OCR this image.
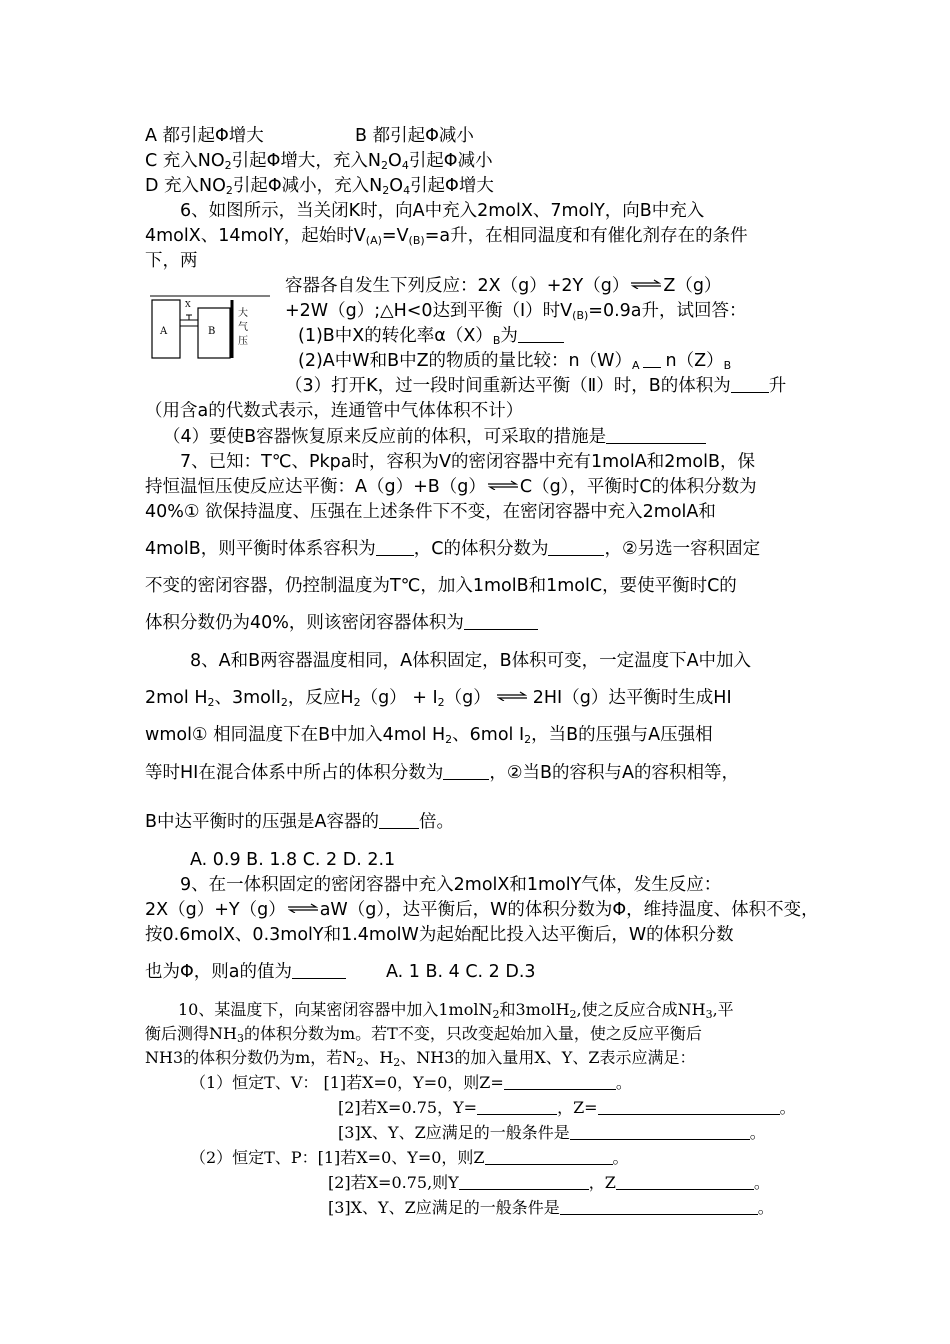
A 都引起Φ增大	B 都引起Φ减小
C 充入$NO_2$引起Φ增大，充入$N_2O_4$引起Φ减小
D 充入$NO_2$引起Φ减小，充入$N_2O_4$引起Φ增大
6、如图所示，当关闭K时，向A中充入2molX、7molY，向B中充入
4molX、14molY，起始时$V_{(A)}=V_{(B)}=a$升，在相同温度和有催化剂存在的条件
下，两
A	B
X
大
气
压
容器各自发生下列反应：2X（g）+2Y（g）⇌Z（g）
+2W（g）;△H<0达到平衡（Ⅰ）时$V_{(B)}=0.9a$升，试回答：
(1)B中X的转化率$\alpha(X)_B$为
(2)A中W和B中Z的物质的量比较：$n(W)_A$ $n(Z)_B$
（3）打开K，过一段时间重新达平衡（Ⅱ）时，B的体积为 升
（用含a的代数式表示，连通管中气体体积不计）
（4）要使B容器恢复原来反应前的体积，可采取的措施是
7、已知：T℃、Pkpa时，容积为V的密闭容器中充有1molA和2molB，保
持恒温恒压使反应达平衡：A（g）+B（g）⇌C（g），平衡时C的体积分数为
40%① 欲保持温度、压强在上述条件下不变，在密闭容器中充入2molA和
4molB，则平衡时体系容积为 ，C的体积分数为	，②另选一容积固定
不变的密闭容器，仍控制温度为T℃，加入1molB和1molC，要使平衡时C的
体积分数仍为40%，则该密闭容器体积为
8、A和B两容器温度相同，A体积固定，B体积可变，一定温度下A中加入
2mol $H_2$、3molI$_2$，反应$H_2(g) + I_2(g)$ ⇌ 2HI（g）达平衡时生成HI
wmol① 相同温度下在B中加入4mol $H_2$、6mol $I_2$，当B的压强与A压强相
等时HI在混合体系中所占的体积分数为	，②当B的容积与A的容积相等，
B中达平衡时的压强是A容器的 倍。
A. 0.9 B. 1.8 C. 2 D. 2.1
9、在一体积固定的密闭容器中充入2molX和1molY气体，发生反应：
2X（g）+Y（g）⇌aW（g），达平衡后，W的体积分数为Φ，维持温度、体积不变，
按0.6molX、0.3molY和1.4molW为起始配比投入达平衡后，W的体积分数
也为Φ，则a的值为	A. 1 B. 4 C. 2 D.3
10、某温度下，向某密闭容器中加入1molN$_2$和3molH$_2$,使之反应合成$NH_3$,平
衡后测得$NH_3$的体积分数为m。若T不变，只改变起始加入量，使之反应平衡后
NH3的体积分数仍为m，若$N_2$、$H_2$、NH3的加入量用X、Y、Z表示应满足：
（1）恒定T、V： [1]若X=0，Y=0，则Z=	。
[2]若X=0.75，Y=	，Z=	。
[3]X、Y、Z应满足的一般条件是	。
（2）恒定T、P：[1]若X=0、Y=0，则Z	。
[2]若X=0.75,则Y	，Z	。
[3]X、Y、Z应满足的一般条件是	。
